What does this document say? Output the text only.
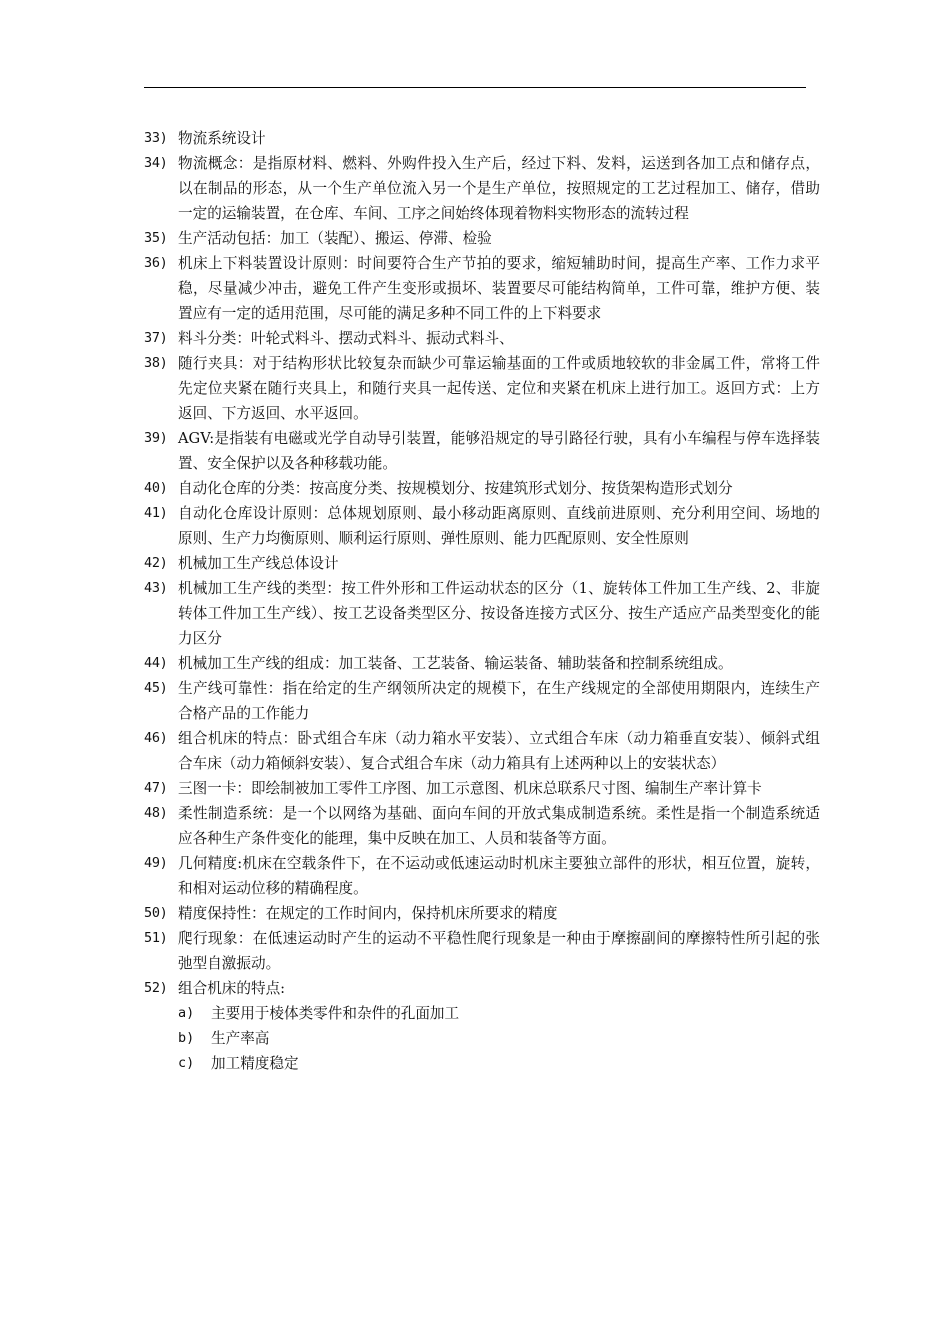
33) 物流系统设计
34) 物流概念：是指原材料、燃料、外购件投入生产后，经过下料、发料，运送到各加工点和储存点，以在制品的形态，从一个生产单位流入另一个是生产单位，按照规定的工艺过程加工、储存，借助一定的运输装置，在仓库、车间、工序之间始终体现着物料实物形态的流转过程
35) 生产活动包括：加工（装配）、搬运、停滞、检验
36) 机床上下料装置设计原则：时间要符合生产节拍的要求，缩短辅助时间，提高生产率、工作力求平稳，尽量减少冲击，避免工件产生变形或损坏、装置要尽可能结构简单，工件可靠，维护方便、装置应有一定的适用范围，尽可能的满足多种不同工件的上下料要求
37) 料斗分类：叶轮式料斗、摆动式料斗、振动式料斗、
38) 随行夹具：对于结构形状比较复杂而缺少可靠运输基面的工件或质地较软的非金属工件，常将工件先定位夹紧在随行夹具上，和随行夹具一起传送、定位和夹紧在机床上进行加工。返回方式：上方返回、下方返回、水平返回。
39) AGV:是指装有电磁或光学自动导引装置，能够沿规定的导引路径行驶，具有小车编程与停车选择装置、安全保护以及各种移载功能。
40) 自动化仓库的分类：按高度分类、按规模划分、按建筑形式划分、按货架构造形式划分
41) 自动化仓库设计原则：总体规划原则、最小移动距离原则、直线前进原则、充分利用空间、场地的原则、生产力均衡原则、顺利运行原则、弹性原则、能力匹配原则、安全性原则
42) 机械加工生产线总体设计
43) 机械加工生产线的类型：按工件外形和工件运动状态的区分（1、旋转体工件加工生产线、2、非旋转体工件加工生产线）、按工艺设备类型区分、按设备连接方式区分、按生产适应产品类型变化的能力区分
44) 机械加工生产线的组成：加工装备、工艺装备、输运装备、辅助装备和控制系统组成。
45) 生产线可靠性：指在给定的生产纲领所决定的规模下，在生产线规定的全部使用期限内，连续生产合格产品的工作能力
46) 组合机床的特点：卧式组合车床（动力箱水平安装）、立式组合车床（动力箱垂直安装）、倾斜式组合车床（动力箱倾斜安装）、复合式组合车床（动力箱具有上述两种以上的安装状态）
47) 三图一卡：即绘制被加工零件工序图、加工示意图、机床总联系尺寸图、编制生产率计算卡
48) 柔性制造系统：是一个以网络为基础、面向车间的开放式集成制造系统。柔性是指一个制造系统适应各种生产条件变化的能理，集中反映在加工、人员和装备等方面。
49) 几何精度:机床在空载条件下，在不运动或低速运动时机床主要独立部件的形状，相互位置，旋转，和相对运动位移的精确程度。
50) 精度保持性：在规定的工作时间内，保持机床所要求的精度
51) 爬行现象：在低速运动时产生的运动不平稳性爬行现象是一种由于摩擦副间的摩擦特性所引起的张弛型自激振动。
52) 组合机床的特点:
a)	主要用于棱体类零件和杂件的孔面加工
b)	生产率高
c)	加工精度稳定
